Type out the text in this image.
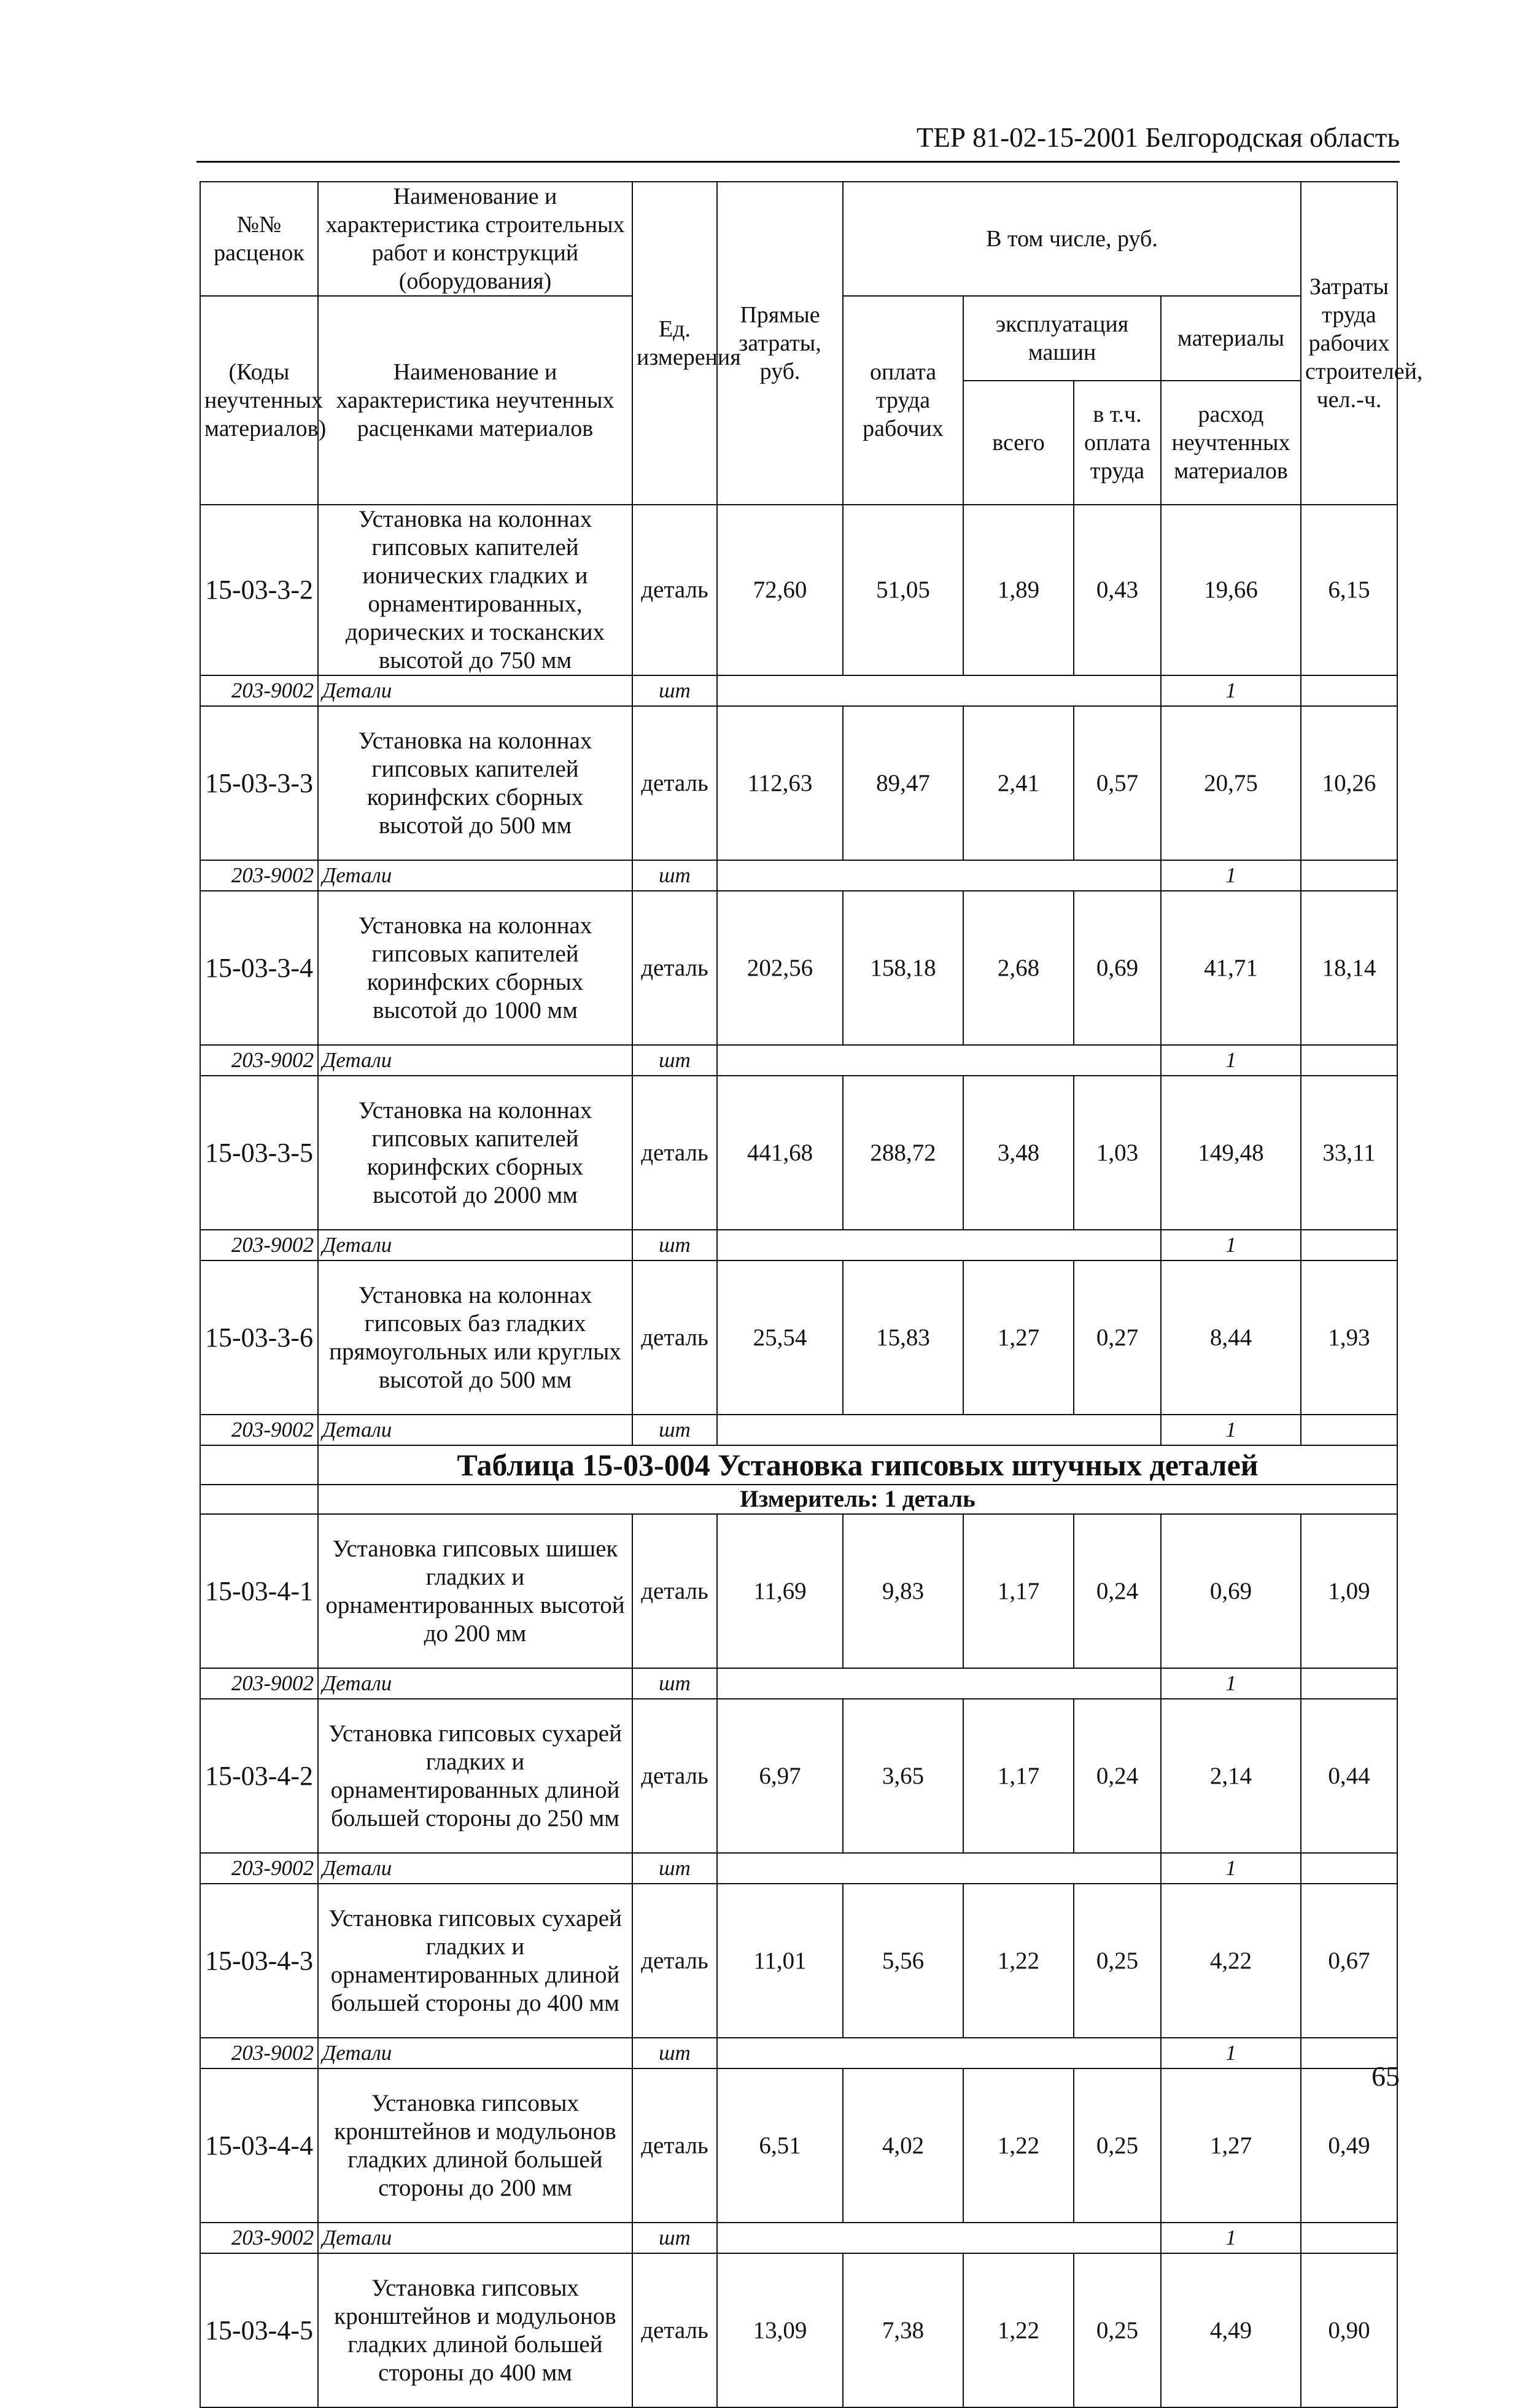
ТЕР 81-02-15-2001 Белгородская область
№№ расценок	Наименование и характеристика строительных работ и конструкций (оборудования)	Ед. измерения	Прямые затраты, руб.	В том числе, руб.				Затраты труда рабочих строителей, чел.-ч.
(Коды неучтенных материалов)	Наименование и характеристика неучтенных расценками материалов			оплата труда рабочих	эксплуатация машин		материалы	
					всего	в т.ч. оплата труда	расход неучтенных материалов	

15-03-3-2	Установка на колоннах гипсовых капителей ионических гладких и орнаментированных, дорических и тосканских высотой до 750 мм	деталь	72,60	51,05	1,89	0,43	19,66	6,15
203-9002	Детали	шт					1	
15-03-3-3	Установка на колоннах гипсовых капителей коринфских сборных высотой до 500 мм	деталь	112,63	89,47	2,41	0,57	20,75	10,26
203-9002	Детали	шт					1	
15-03-3-4	Установка на колоннах гипсовых капителей коринфских сборных высотой до 1000 мм	деталь	202,56	158,18	2,68	0,69	41,71	18,14
203-9002	Детали	шт					1	
15-03-3-5	Установка на колоннах гипсовых капителей коринфских сборных высотой до 2000 мм	деталь	441,68	288,72	3,48	1,03	149,48	33,11
203-9002	Детали	шт					1	
15-03-3-6	Установка на колоннах гипсовых баз гладких прямоугольных или круглых высотой до 500 мм	деталь	25,54	15,83	1,27	0,27	8,44	1,93
203-9002	Детали	шт					1	
	Таблица 15-03-004 Установка гипсовых штучных деталей							
	Измеритель: 1 деталь							
15-03-4-1	Установка гипсовых шишек гладких и орнаментированных высотой до 200 мм	деталь	11,69	9,83	1,17	0,24	0,69	1,09
203-9002	Детали	шт					1	
15-03-4-2	Установка гипсовых сухарей гладких и орнаментированных длиной большей стороны до 250 мм	деталь	6,97	3,65	1,17	0,24	2,14	0,44
203-9002	Детали	шт					1	
15-03-4-3	Установка гипсовых сухарей гладких и орнаментированных длиной большей стороны до 400 мм	деталь	11,01	5,56	1,22	0,25	4,22	0,67
203-9002	Детали	шт					1	
15-03-4-4	Установка гипсовых кронштейнов и модульонов гладких длиной большей стороны до 200 мм	деталь	6,51	4,02	1,22	0,25	1,27	0,49
203-9002	Детали	шт					1	
15-03-4-5	Установка гипсовых кронштейнов и модульонов гладких длиной большей стороны до 400 мм	деталь	13,09	7,38	1,22	0,25	4,49	0,90
65
